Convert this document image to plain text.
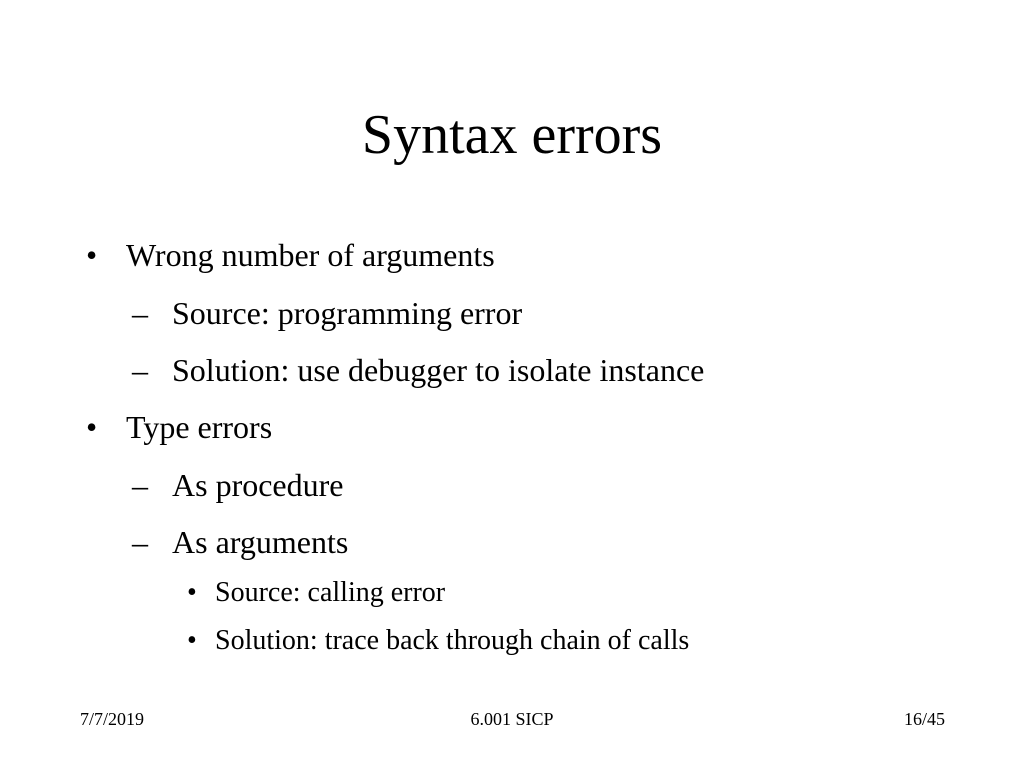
Syntax errors
• Wrong number of arguments
– Source: programming error
– Solution: use debugger to isolate instance
• Type errors
– As procedure
– As arguments
• Source: calling error
• Solution: trace back through chain of calls
7/7/2019	6.001 SICP	16/45
